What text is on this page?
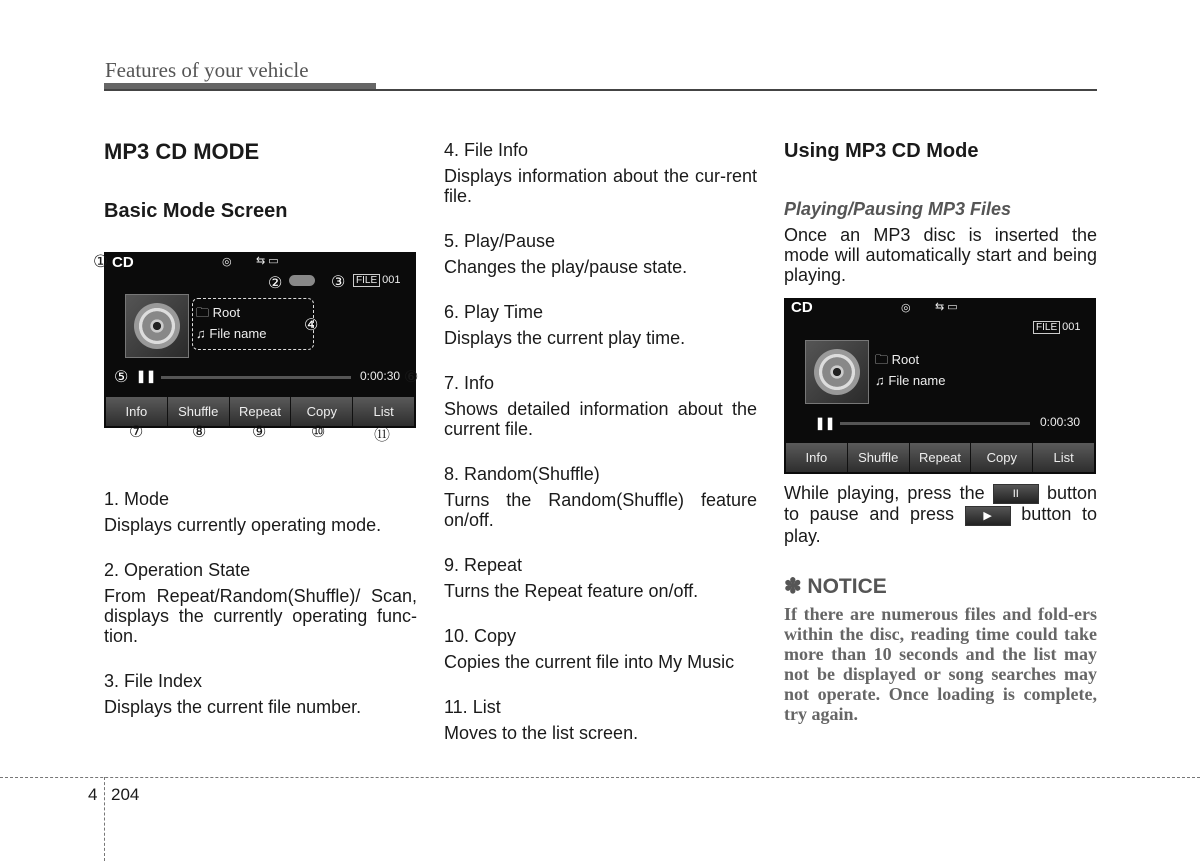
Features of your vehicle
MP3 CD MODE
Basic Mode Screen
CD	◎ ⇆ ▭
FILE 001
🗀 Root
♫ File name
❚❚	0:00:30
Info	Shuffle	Repeat	Copy	List
①
②	③
④
⑤	⑥
⑦	⑧	⑨	⑩	⑪
1. Mode
Displays currently operating mode.
2. Operation State
From Repeat/Random(Shuffle)/ Scan, displays the currently operating func-tion.
3. File Index
Displays the current file number.
4. File Info
Displays information about the cur-rent file.
5. Play/Pause
Changes the play/pause state.
6. Play Time
Displays the current play time.
7. Info
Shows detailed information about the current file.
8. Random(Shuffle)
Turns the Random(Shuffle) feature on/off.
9. Repeat
Turns the Repeat feature on/off.
10. Copy
Copies the current file into My Music
11. List
Moves to the list screen.
Using MP3 CD Mode
Playing/Pausing MP3 Files
Once an MP3 disc is inserted the mode will automatically start and being playing.
CD	◎ ⇆ ▭
FILE 001
🗀 Root
♫ File name
❚❚	0:00:30
Info	Shuffle	Repeat	Copy	List
While playing, press the	II button to pause and press	▶ button to play.
✽ NOTICE
If there are numerous files and fold-ers within the disc, reading time could take more than 10 seconds and the list may not be displayed or song searches may not operate. Once loading is complete, try again.
4 204
